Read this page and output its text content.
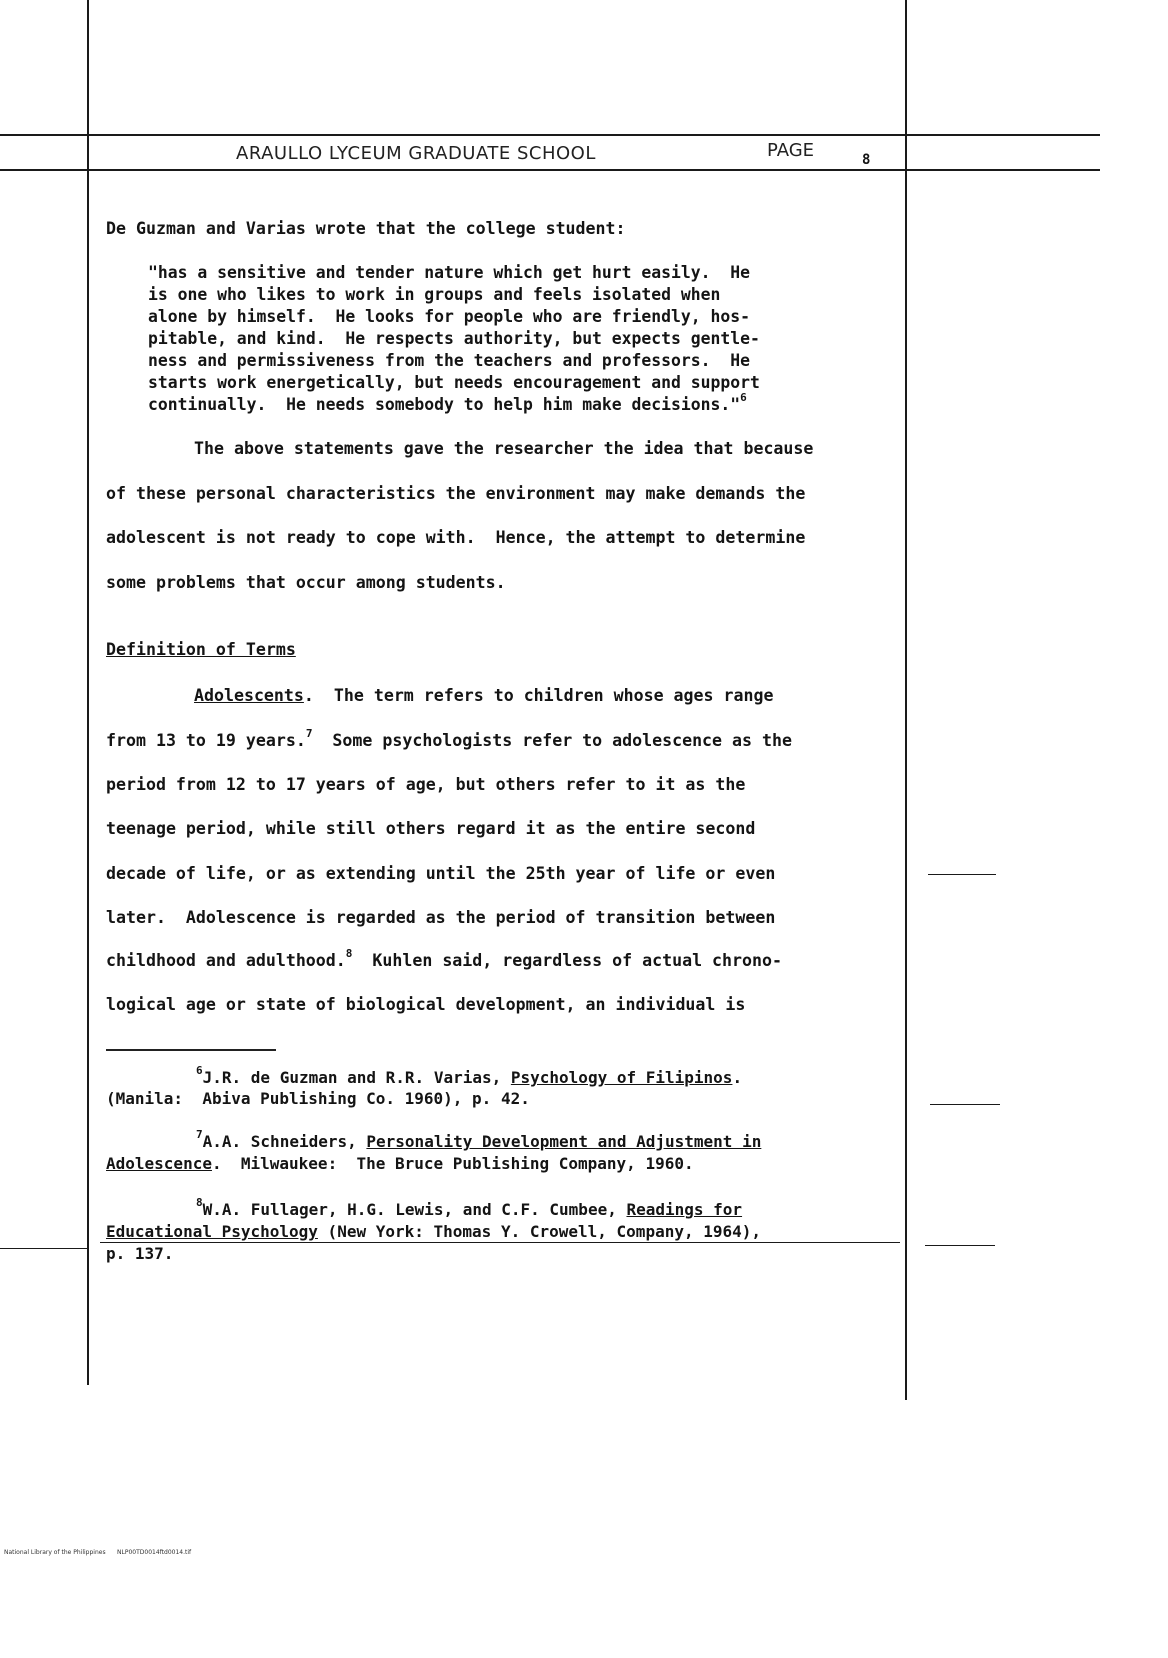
ARAULLO LYCEUM GRADUATE SCHOOL	PAGE	8
De Guzman and Varias wrote that the college student:
"has a sensitive and tender nature which get hurt easily.  He
is one who likes to work in groups and feels isolated when
alone by himself.  He looks for people who are friendly, hos-
pitable, and kind.  He respects authority, but expects gentle-
ness and permissiveness from the teachers and professors.  He
starts work energetically, but needs encouragement and support
continually.  He needs somebody to help him make decisions."$^6$
The above statements gave the researcher the idea that because
of these personal characteristics the environment may make demands the
adolescent is not ready to cope with.  Hence, the attempt to determine
some problems that occur among students.
Definition of Terms
Adolescents.  The term refers to children whose ages range
from 13 to 19 years.$^7$  Some psychologists refer to adolescence as the
period from 12 to 17 years of age, but others refer to it as the
teenage period, while still others regard it as the entire second
decade of life, or as extending until the 25th year of life or even
later.  Adolescence is regarded as the period of transition between
childhood and adulthood.$^8$  Kuhlen said, regardless of actual chrono-
logical age or state of biological development, an individual is
$^6$J.R. de Guzman and R.R. Varias, Psychology of Filipinos.
(Manila:  Abiva Publishing Co. 1960), p. 42.
$^7$A.A. Schneiders, Personality Development and Adjustment in
Adolescence.  Milwaukee:  The Bruce Publishing Company, 1960.
$^8$W.A. Fullager, H.G. Lewis, and C.F. Cumbee, Readings for
Educational Psychology (New York: Thomas Y. Crowell, Company, 1964),
p. 137.
National Library of the Philippines NLP00TD0014ftd0014.tif
